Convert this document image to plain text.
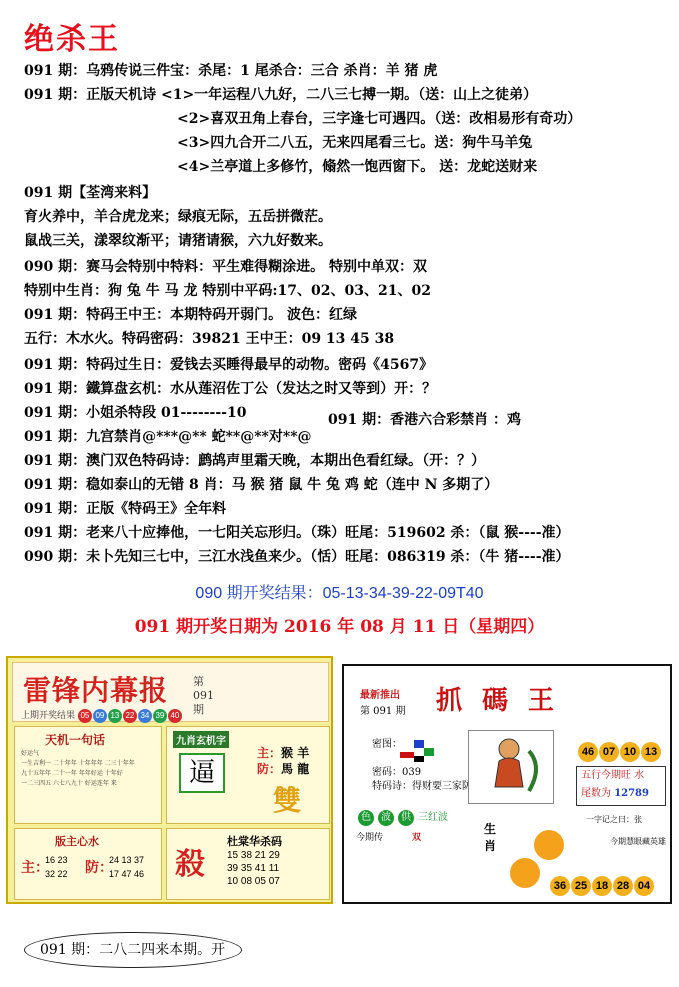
绝杀王
091 期：乌鸦传说三件宝：杀尾：1 尾杀合：三合 杀肖：羊 猪 虎
091 期：正版天机诗 <1>一年运程八九好，二八三七搏一期。（送：山上之徒弟）
<2>喜双丑角上春台，三字逢七可遇四。（送：改相易形有奇功）
<3>四九合开二八五，无来四尾看三七。送：狗牛马羊兔
<4>兰亭道上多修竹，翛然一饱西窗下。 送：龙蛇送财来
091 期【荃湾来料】
育火养中，羊合虎龙来；绿痕无际，五岳拼微茫。
鼠战三关，漾翠纹渐平；请猪请猴，六九好数来。
090 期：赛马会特别中特料：平生难得糊涂进。 特别中单双：双
特别中生肖：狗 兔 牛 马 龙 特别中平码:17、02、03、21、02
091 期：特码王中王：本期特码开弱门。 波色：红绿
五行：木水火。特码密码：39821 王中王：09 13 45 38
091 期：特码过生日：爱钱去买睡得最早的动物。密码《4567》
091 期：鐵算盘玄机：水从莲沼佐丁公（发达之时又等到）开：？
091 期：小姐杀特段 01--------10
091 期：九宫禁肖@***@** 蛇**@**对**@
091 期：澳门双色特码诗：鹧鸪声里霜天晚，本期出色看红绿。（开：？）
091 期：稳如泰山的无错 8 肖：马 猴 猪 鼠 牛 兔 鸡 蛇（连中 N 多期了）
091 期：正版《特码王》全年料
091 期：老来八十应捧他，一七阳关忘形归。（珠）旺尾：519602 杀：（鼠 猴----准）
090 期：未卜先知三七中，三江水浅鱼来少。（恬）旺尾：086319 杀：（牛 猪----准）
091 期：香港六合彩禁肖 ：鸡
090 期开奖结果：05-13-34-39-22-09T40
091 期开奖日期为 2016 年 08 月 11 日（星期四）
雷锋内幕报 第
091
期
上期开奖结果 05 09 13 22 34 39 40
天机一句话
好运气
一生吉利一 二十年年 十年年年 二三十年年
九十五年年 二十一年 年年好运 十年好
一二三四五 六七八九十 好运连年 来
九肖玄机字
逼
主：猴 羊
防：馬 龍
雙
版主心水
主：	防：
16 23
32 22
24 13 37
17 47 46 殺
杜棠华杀码
15 38 21 29
39 35 41 11
10 08 05 07
最新推出
第 091 期 抓碼王
密图：

密码：039
特码诗：得财要三家防六
46 07 10 13
五行今期旺 水
尾数为 12789
色 波 供 三红波
今期传	双
生
肖
一字记之曰：张
今期慧眼藏英雄
36 25 18 28 04
091 期：二八二四来本期。开
